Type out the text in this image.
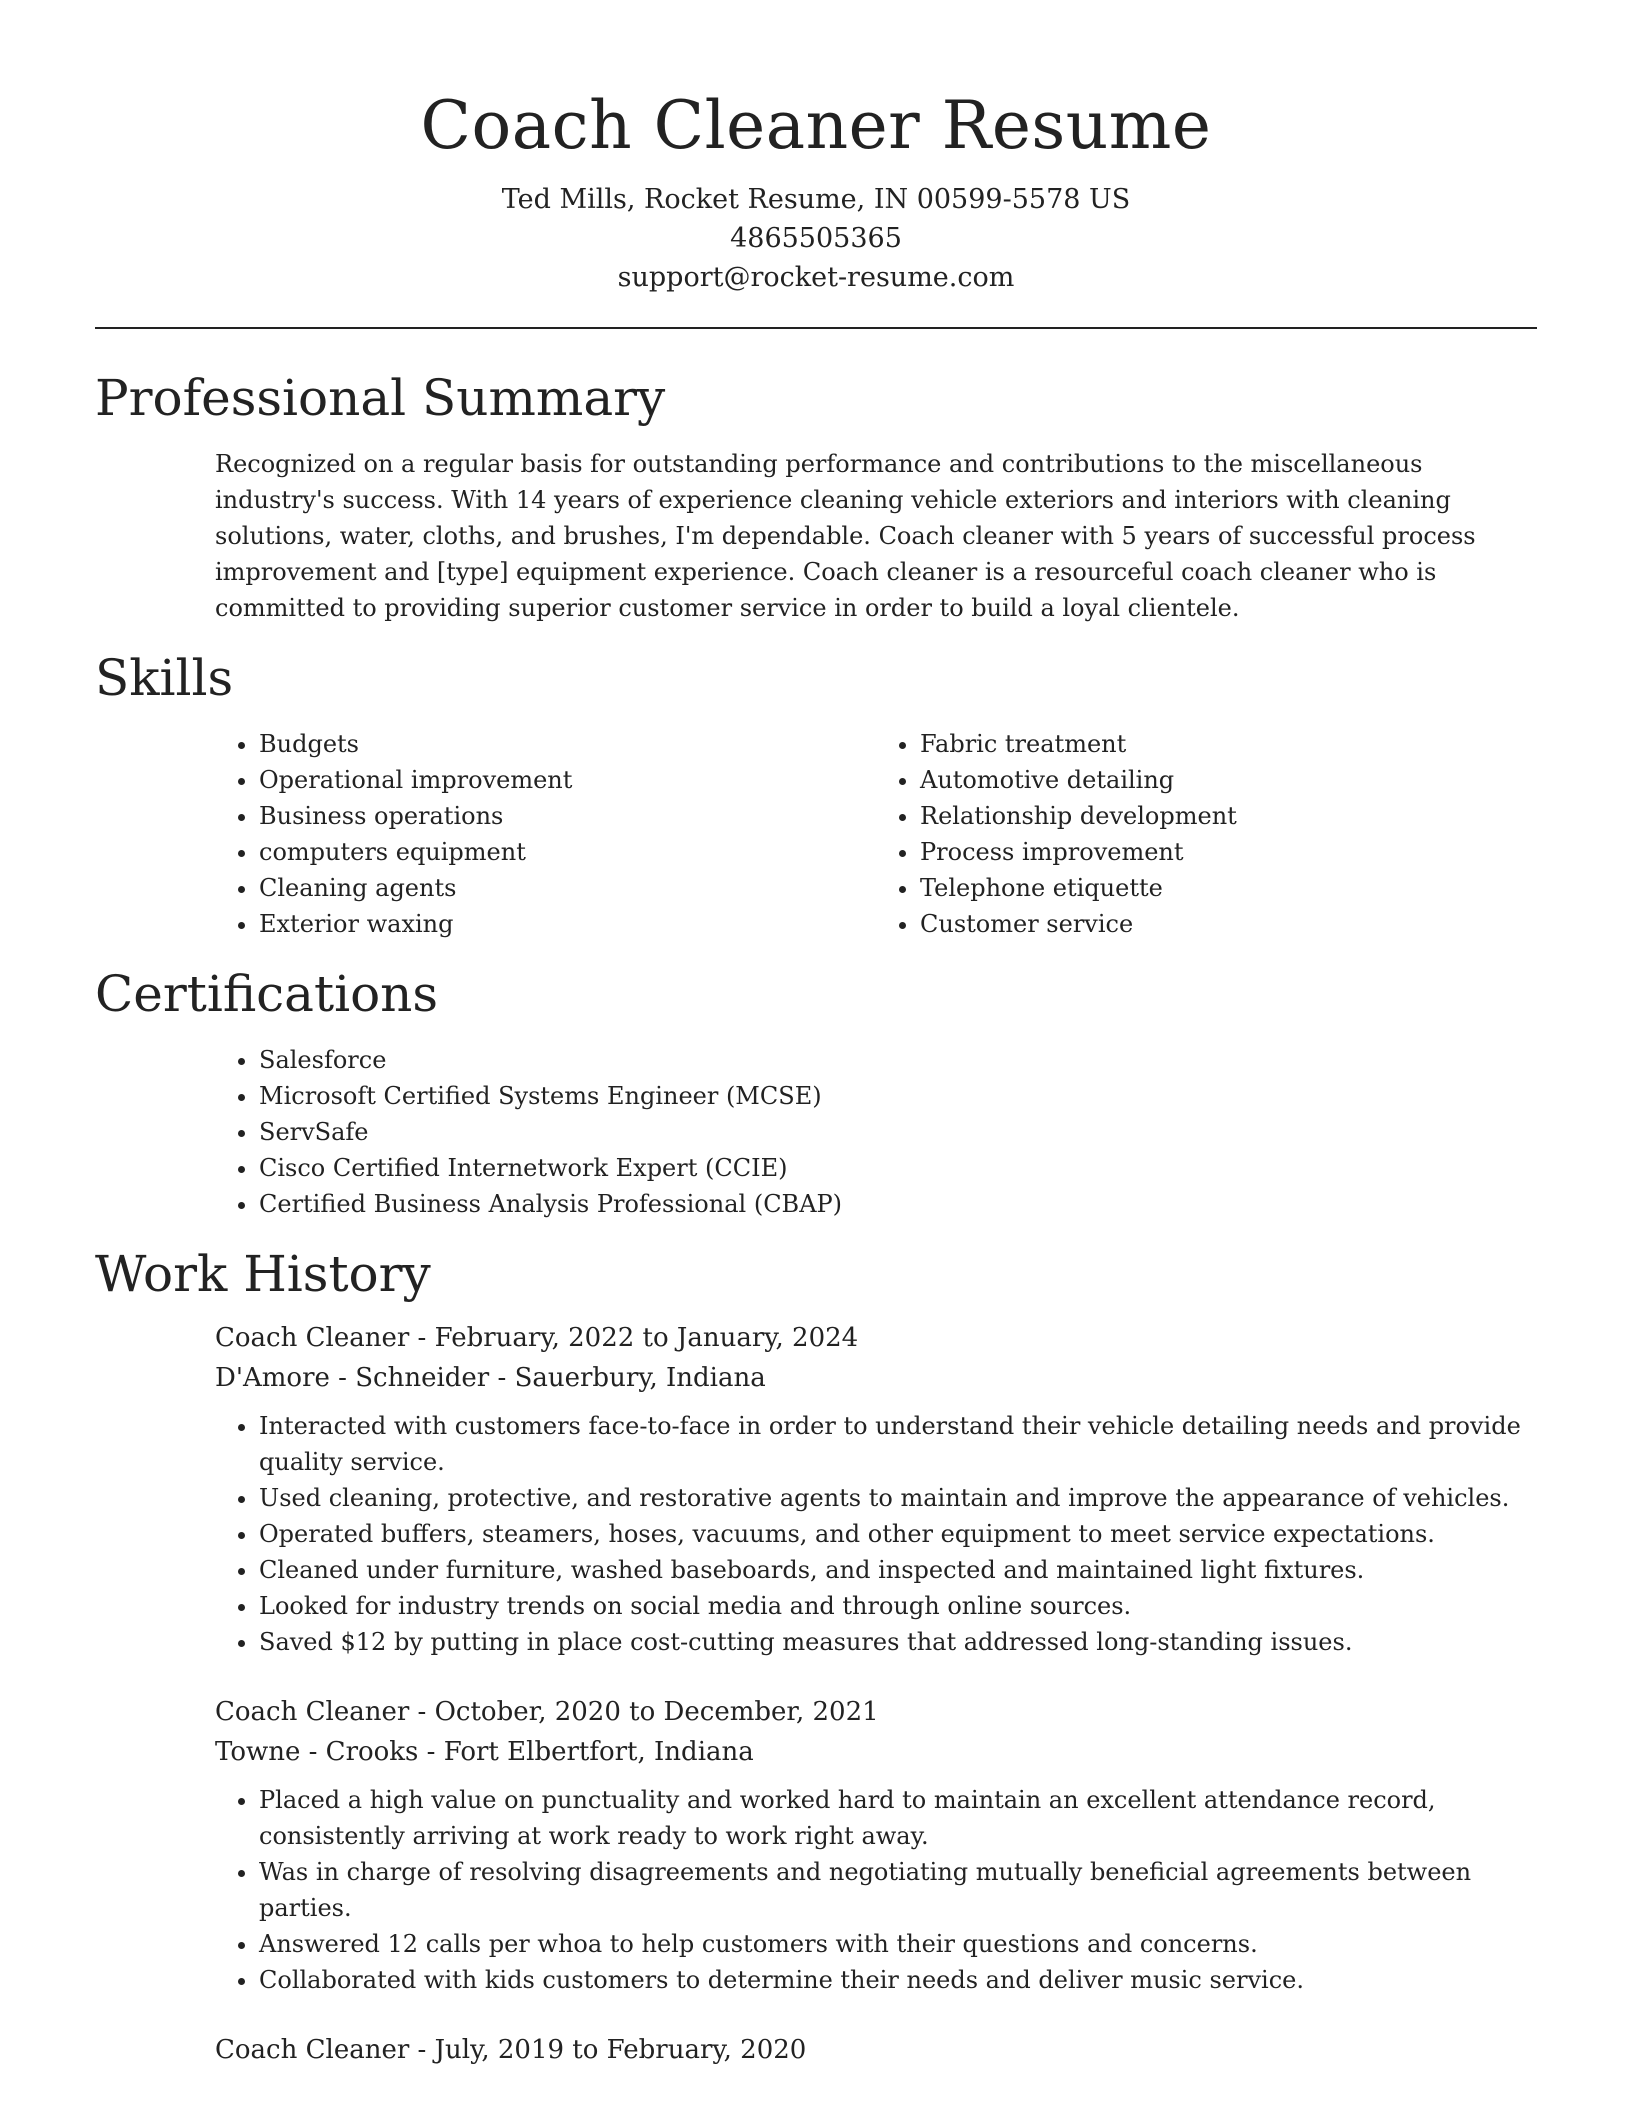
Coach Cleaner Resume
Ted Mills, Rocket Resume, IN 00599-5578 US
4865505365
support@rocket-resume.com
Professional Summary

Recognized on a regular basis for outstanding performance and contributions to the miscellaneous industry's success. With 14 years of experience cleaning vehicle exteriors and interiors with cleaning solutions, water, cloths, and brushes, I'm dependable. Coach cleaner with 5 years of successful process improvement and [type] equipment experience. Coach cleaner is a resourceful coach cleaner who is committed to providing superior customer service in order to build a loyal clientele.

Skills
• Budgets
• Operational improvement
• Business operations
• computers equipment
• Cleaning agents
• Exterior waxing
• Fabric treatment
• Automotive detailing
• Relationship development
• Process improvement
• Telephone etiquette
• Customer service
Certifications
• Salesforce
• Microsoft Certified Systems Engineer (MCSE)
• ServSafe
• Cisco Certified Internetwork Expert (CCIE)
• Certified Business Analysis Professional (CBAP)
Work History

Coach Cleaner - February, 2022 to January, 2024

D'Amore - Schneider - Sauerbury, Indiana

• Interacted with customers face-to-face in order to understand their vehicle detailing needs and provide quality service.
• Used cleaning, protective, and restorative agents to maintain and improve the appearance of vehicles.
• Operated buffers, steamers, hoses, vacuums, and other equipment to meet service expectations.
• Cleaned under furniture, washed baseboards, and inspected and maintained light fixtures.
• Looked for industry trends on social media and through online sources.
• Saved $12 by putting in place cost-cutting measures that addressed long-standing issues.

Coach Cleaner - October, 2020 to December, 2021

Towne - Crooks - Fort Elbertfort, Indiana

• Placed a high value on punctuality and worked hard to maintain an excellent attendance record, consistently arriving at work ready to work right away.
• Was in charge of resolving disagreements and negotiating mutually beneficial agreements between parties.
• Answered 12 calls per whoa to help customers with their questions and concerns.
• Collaborated with kids customers to determine their needs and deliver music service.

Coach Cleaner - July, 2019 to February, 2020
